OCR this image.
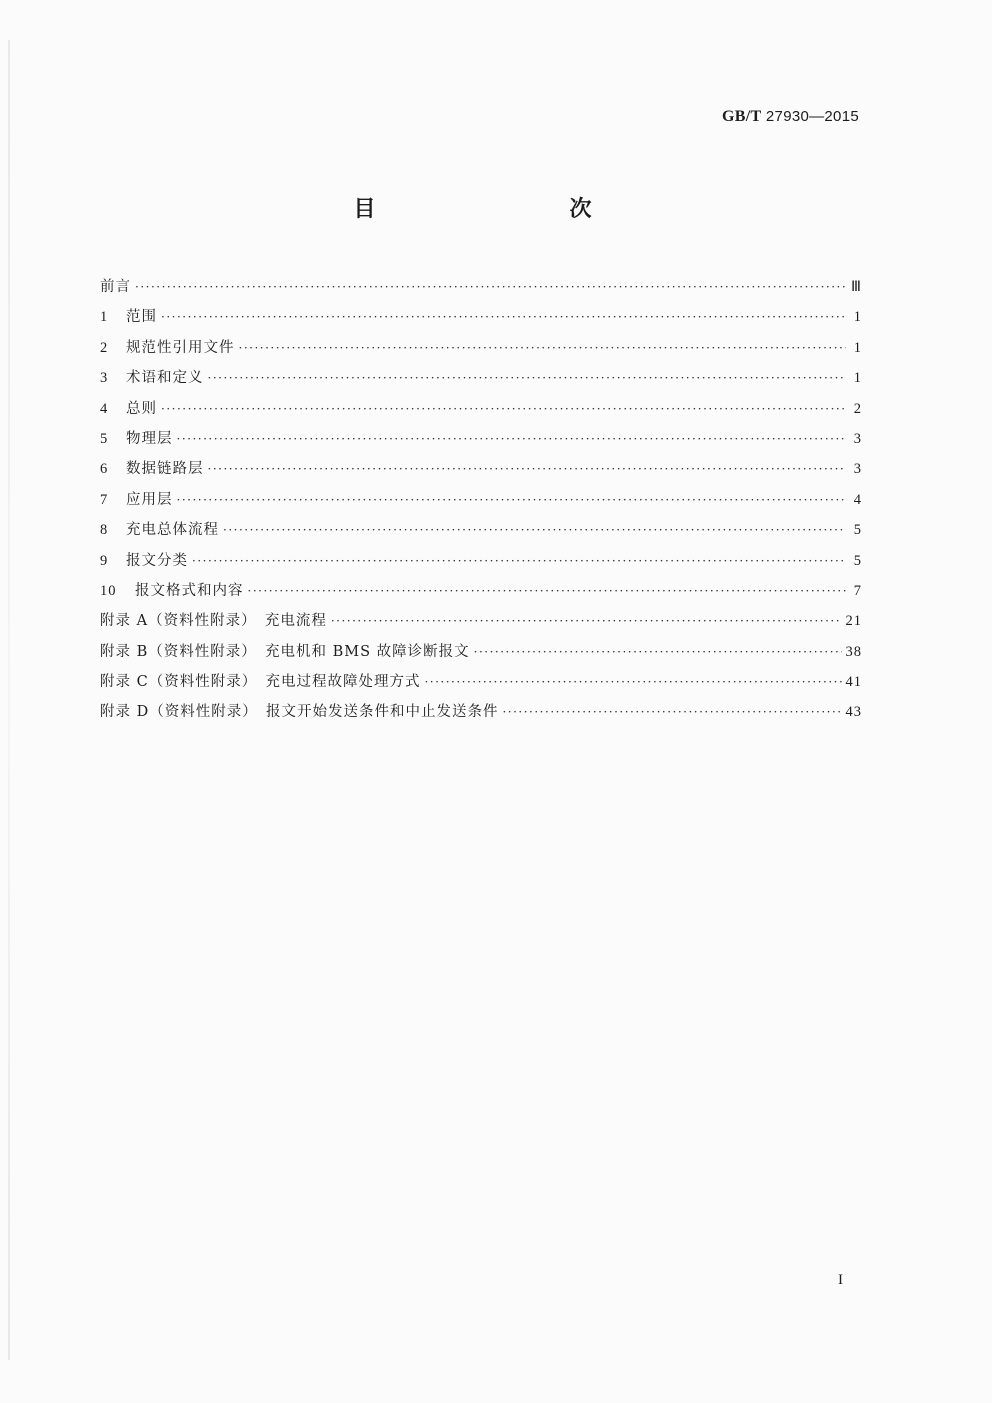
GB/T 27930—2015
目　　次
前言 ·····	Ⅲ
1	范围 ·····	1
2	规范性引用文件 ·····	1
3	术语和定义 ·····	1
4	总则 ·····	2
5	物理层 ·····	3
6	数据链路层 ·····	3
7	应用层 ·····	4
8	充电总体流程 ·····	5
9	报文分类 ·····	5
10	报文格式和内容 ·····	7
附录 A（资料性附录）　充电流程 ·····	21
附录 B（资料性附录）　充电机和 BMS 故障诊断报文 ·····	38
附录 C（资料性附录）　充电过程故障处理方式 ·····	41
附录 D（资料性附录）　报文开始发送条件和中止发送条件 ·····	43
I
